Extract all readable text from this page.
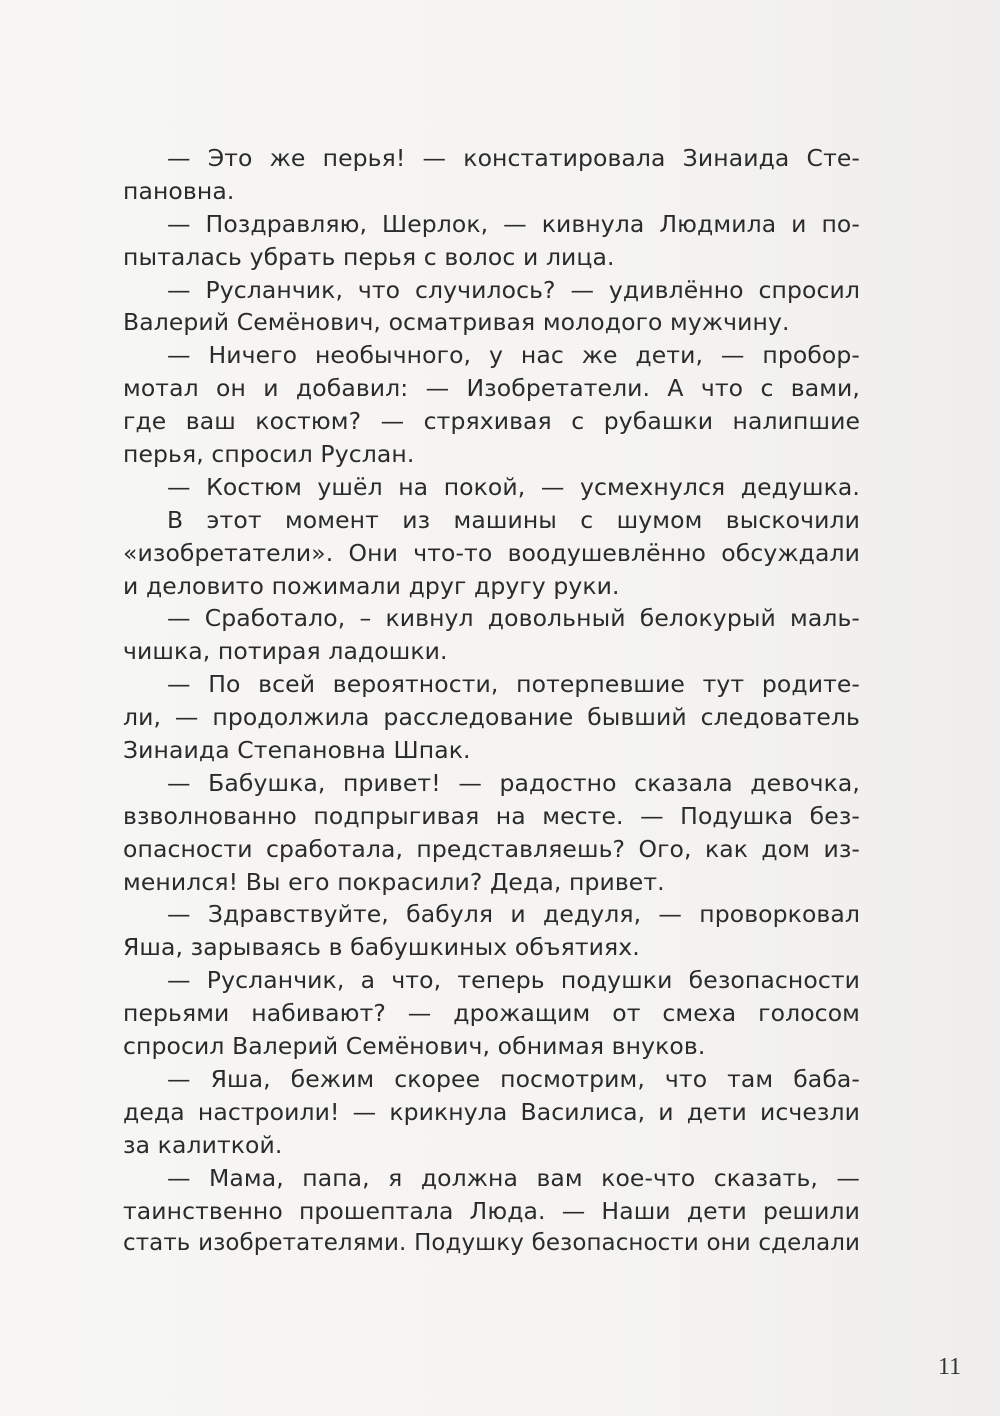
— Это же перья! — констатировала Зинаида Сте-
пановна.
— Поздравляю, Шерлок, — кивнула Людмила и по-
пыталась убрать перья с волос и лица.
— Русланчик, что случилось? — удивлённо спросил
Валерий Семёнович, осматривая молодого мужчину.
— Ничего необычного, у нас же дети, — пробор-
мотал он и добавил: — Изобретатели. А что с вами,
где ваш костюм? — стряхивая с рубашки налипшие
перья, спросил Руслан.
— Костюм ушёл на покой, — усмехнулся дедушка.
В этот момент из машины с шумом выскочили
«изобретатели». Они что-то воодушевлённо обсуждали
и деловито пожимали друг другу руки.
— Сработало, – кивнул довольный белокурый маль-
чишка, потирая ладошки.
— По всей вероятности, потерпевшие тут родите-
ли, — продолжила расследование бывший следователь
Зинаида Степановна Шпак.
— Бабушка, привет! — радостно сказала девочка,
взволнованно подпрыгивая на месте. — Подушка без-
опасности сработала, представляешь? Ого, как дом из-
менился! Вы его покрасили? Деда, привет.
— Здравствуйте, бабуля и дедуля, — проворковал
Яша, зарываясь в бабушкиных объятиях.
— Русланчик, а что, теперь подушки безопасности
перьями набивают? — дрожащим от смеха голосом
спросил Валерий Семёнович, обнимая внуков.
— Яша, бежим скорее посмотрим, что там баба-
деда настроили! — крикнула Василиса, и дети исчезли
за калиткой.
— Мама, папа, я должна вам кое-что сказать, —
таинственно прошептала Люда. — Наши дети решили
стать изобретателями. Подушку безопасности они сделали
11
